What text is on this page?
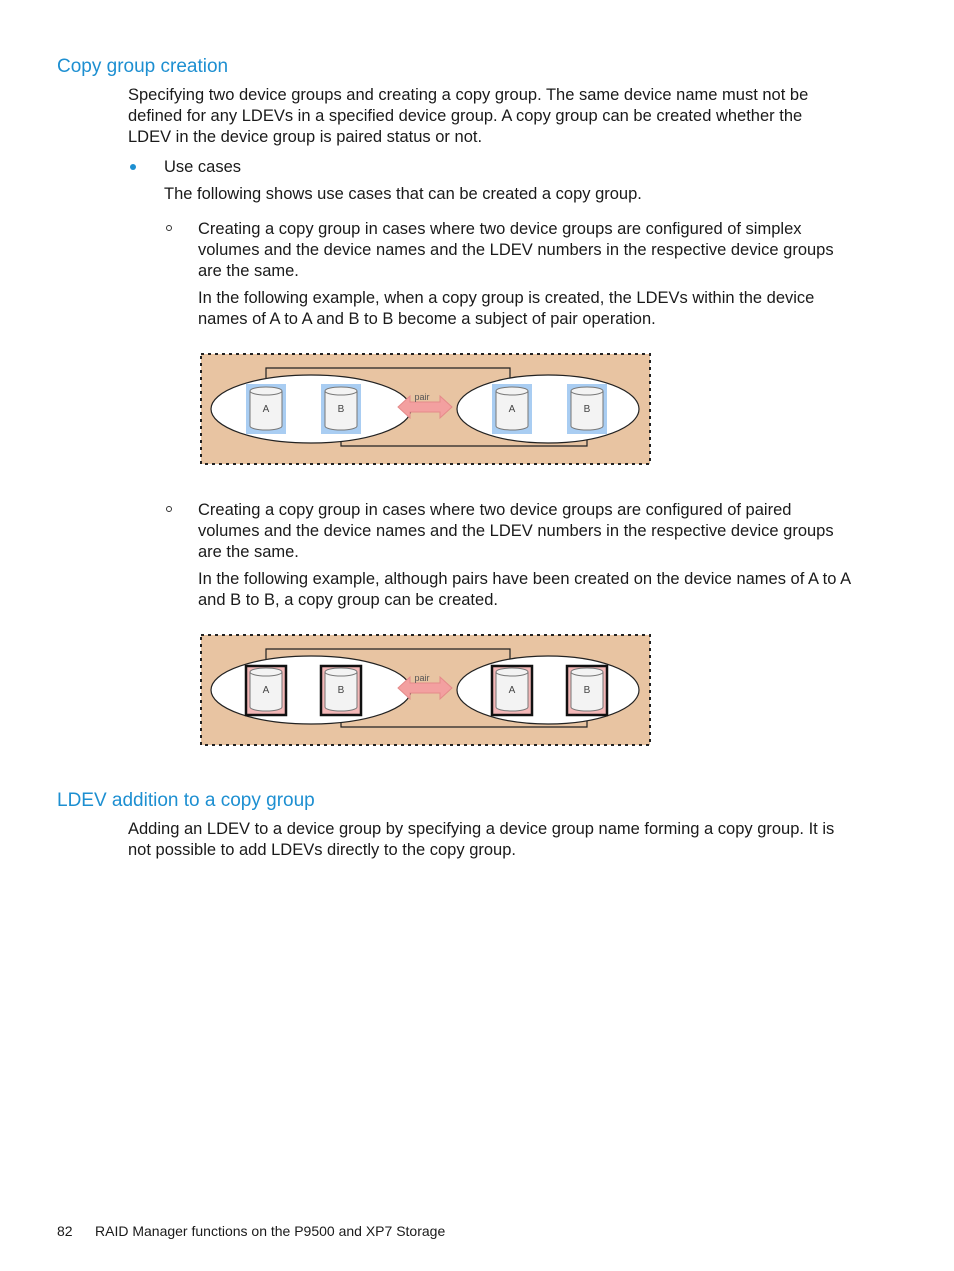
Copy group creation

Specifying two device groups and creating a copy group. The same device name must not be defined for any LDEVs in a specified device group. A copy group can be created whether the LDEV in the device group is paired status or not.

Use cases

The following shows use cases that can be created a copy group.

Creating a copy group in cases where two device groups are configured of simplex volumes and the device names and the LDEV numbers in the respective device groups are the same.

In the following example, when a copy group is created, the LDEVs within the device names of A to A and B to B become a subject of pair operation.

A	B
pair
A	B

Creating a copy group in cases where two device groups are configured of paired volumes and the device names and the LDEV numbers in the respective device groups are the same.

In the following example, although pairs have been created on the device names of A to A and B to B, a copy group can be created.

A	B
pair
A	B
LDEV addition to a copy group

Adding an LDEV to a device group by specifying a device group name forming a copy group. It is not possible to add LDEVs directly to the copy group.

82 RAID Manager functions on the P9500 and XP7 Storage
